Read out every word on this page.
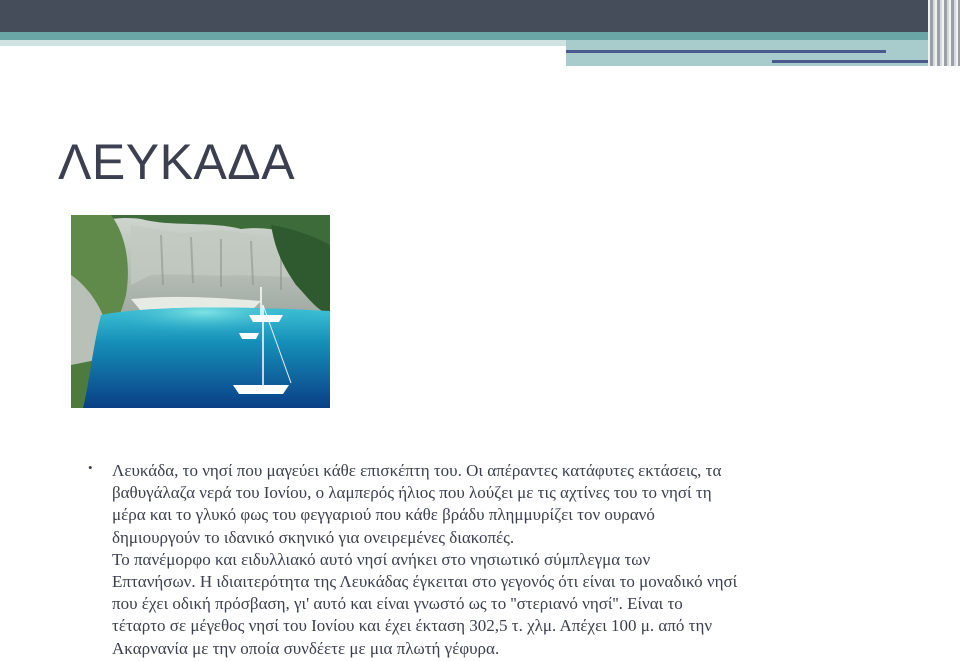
ΛΕΥΚΑΔΑ
• Λευκάδα, το νησί που μαγεύει κάθε επισκέπτη του. Οι απέραντες κατάφυτες εκτάσεις, τα
βαθυγάλαζα νερά του Ιονίου, ο λαμπερός ήλιος που λούζει με τις αχτίνες του το νησί τη
μέρα και το γλυκό φως του φεγγαριού που κάθε βράδυ πλημμυρίζει τον ουρανό
δημιουργούν το ιδανικό σκηνικό για ονειρεμένες διακοπές.
Το πανέμορφο και ειδυλλιακό αυτό νησί ανήκει στο νησιωτικό σύμπλεγμα των
Επτανήσων. Η ιδιαιτερότητα της Λευκάδας έγκειται στο γεγονός ότι είναι το μοναδικό νησί
που έχει οδική πρόσβαση, γι' αυτό και είναι γνωστό ως το ''στεριανό νησί''. Είναι το
τέταρτο σε μέγεθος νησί του Ιονίου και έχει έκταση 302,5 τ. χλμ. Απέχει 100 μ. από την
Ακαρνανία με την οποία συνδέετε με μια πλωτή γέφυρα.
